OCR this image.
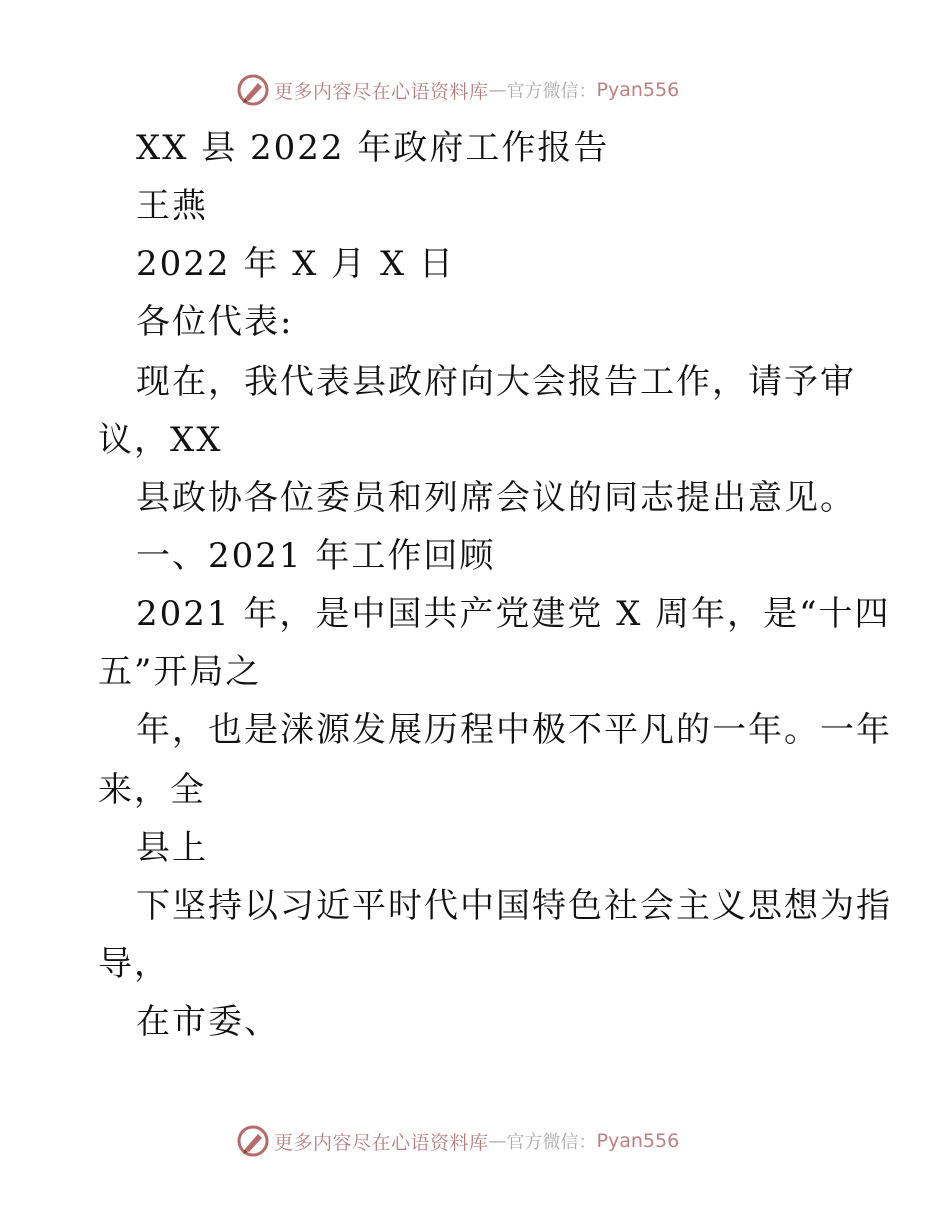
更多内容尽在心语资料库 — 官方微信： Pyan556
XX 县 2022 年政府工作报告
王燕
2022 年 X 月 X 日
各位代表:
现在，我代表县政府向大会报告工作，请予审
议，XX
县政协各位委员和列席会议的同志提出意见。
一、2021 年工作回顾
2021 年，是中国共产党建党 X 周年，是“十四
五”开局之
年，也是涞源发展历程中极不平凡的一年。一年
来，全
县上
下坚持以习近平时代中国特色社会主义思想为指
导，
在市委、
更多内容尽在心语资料库 — 官方微信： Pyan556
